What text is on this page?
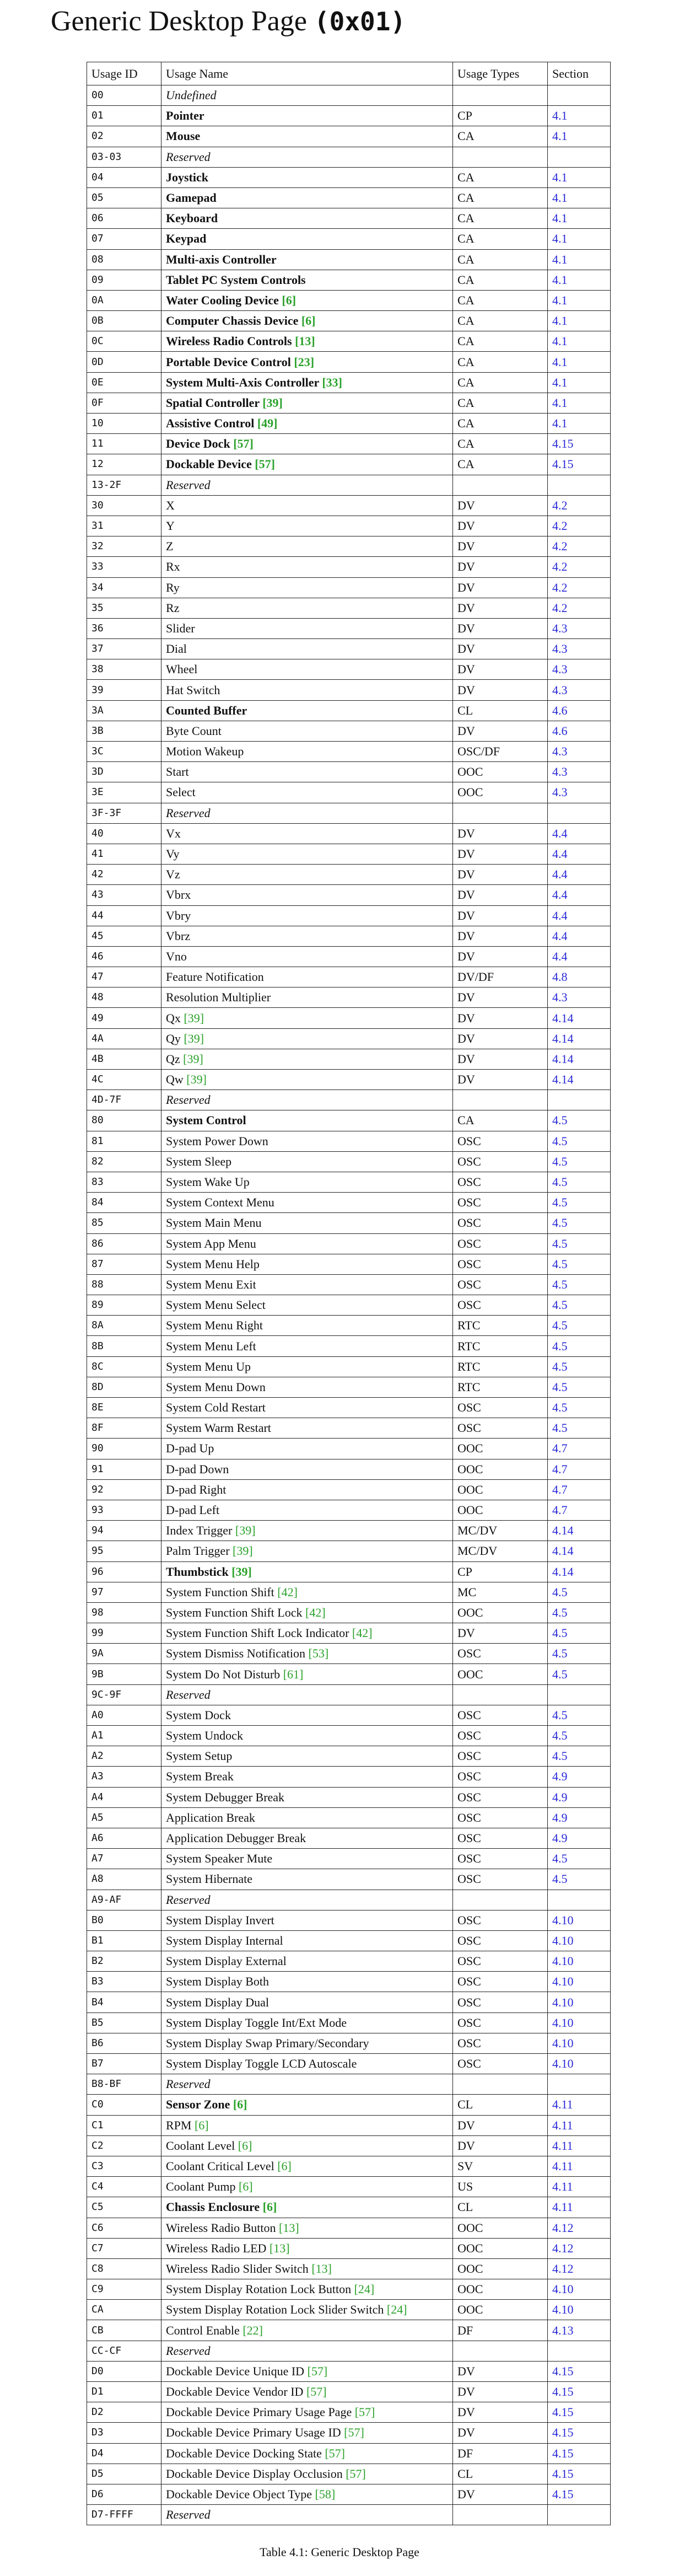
Generic Desktop Page (0x01)
Usage ID	Usage Name	Usage Types	Section
00	Undefined		
01	Pointer	CP	4.1
02	Mouse	CA	4.1
03-03	Reserved		
04	Joystick	CA	4.1
05	Gamepad	CA	4.1
06	Keyboard	CA	4.1
07	Keypad	CA	4.1
08	Multi-axis Controller	CA	4.1
09	Tablet PC System Controls	CA	4.1
0A	Water Cooling Device [6]	CA	4.1
0B	Computer Chassis Device [6]	CA	4.1
0C	Wireless Radio Controls [13]	CA	4.1
0D	Portable Device Control [23]	CA	4.1
0E	System Multi-Axis Controller [33]	CA	4.1
0F	Spatial Controller [39]	CA	4.1
10	Assistive Control [49]	CA	4.1
11	Device Dock [57]	CA	4.15
12	Dockable Device [57]	CA	4.15
13-2F	Reserved		
30	X	DV	4.2
31	Y	DV	4.2
32	Z	DV	4.2
33	Rx	DV	4.2
34	Ry	DV	4.2
35	Rz	DV	4.2
36	Slider	DV	4.3
37	Dial	DV	4.3
38	Wheel	DV	4.3
39	Hat Switch	DV	4.3
3A	Counted Buffer	CL	4.6
3B	Byte Count	DV	4.6
3C	Motion Wakeup	OSC/DF	4.3
3D	Start	OOC	4.3
3E	Select	OOC	4.3
3F-3F	Reserved		
40	Vx	DV	4.4
41	Vy	DV	4.4
42	Vz	DV	4.4
43	Vbrx	DV	4.4
44	Vbry	DV	4.4
45	Vbrz	DV	4.4
46	Vno	DV	4.4
47	Feature Notification	DV/DF	4.8
48	Resolution Multiplier	DV	4.3
49	Qx [39]	DV	4.14
4A	Qy [39]	DV	4.14
4B	Qz [39]	DV	4.14
4C	Qw [39]	DV	4.14
4D-7F	Reserved		
80	System Control	CA	4.5
81	System Power Down	OSC	4.5
82	System Sleep	OSC	4.5
83	System Wake Up	OSC	4.5
84	System Context Menu	OSC	4.5
85	System Main Menu	OSC	4.5
86	System App Menu	OSC	4.5
87	System Menu Help	OSC	4.5
88	System Menu Exit	OSC	4.5
89	System Menu Select	OSC	4.5
8A	System Menu Right	RTC	4.5
8B	System Menu Left	RTC	4.5
8C	System Menu Up	RTC	4.5
8D	System Menu Down	RTC	4.5
8E	System Cold Restart	OSC	4.5
8F	System Warm Restart	OSC	4.5
90	D-pad Up	OOC	4.7
91	D-pad Down	OOC	4.7
92	D-pad Right	OOC	4.7
93	D-pad Left	OOC	4.7
94	Index Trigger [39]	MC/DV	4.14
95	Palm Trigger [39]	MC/DV	4.14
96	Thumbstick [39]	CP	4.14
97	System Function Shift [42]	MC	4.5
98	System Function Shift Lock [42]	OOC	4.5
99	System Function Shift Lock Indicator [42]	DV	4.5
9A	System Dismiss Notification [53]	OSC	4.5
9B	System Do Not Disturb [61]	OOC	4.5
9C-9F	Reserved		
A0	System Dock	OSC	4.5
A1	System Undock	OSC	4.5
A2	System Setup	OSC	4.5
A3	System Break	OSC	4.9
A4	System Debugger Break	OSC	4.9
A5	Application Break	OSC	4.9
A6	Application Debugger Break	OSC	4.9
A7	System Speaker Mute	OSC	4.5
A8	System Hibernate	OSC	4.5
A9-AF	Reserved		
B0	System Display Invert	OSC	4.10
B1	System Display Internal	OSC	4.10
B2	System Display External	OSC	4.10
B3	System Display Both	OSC	4.10
B4	System Display Dual	OSC	4.10
B5	System Display Toggle Int/Ext Mode	OSC	4.10
B6	System Display Swap Primary/Secondary	OSC	4.10
B7	System Display Toggle LCD Autoscale	OSC	4.10
B8-BF	Reserved		
C0	Sensor Zone [6]	CL	4.11
C1	RPM [6]	DV	4.11
C2	Coolant Level [6]	DV	4.11
C3	Coolant Critical Level [6]	SV	4.11
C4	Coolant Pump [6]	US	4.11
C5	Chassis Enclosure [6]	CL	4.11
C6	Wireless Radio Button [13]	OOC	4.12
C7	Wireless Radio LED [13]	OOC	4.12
C8	Wireless Radio Slider Switch [13]	OOC	4.12
C9	System Display Rotation Lock Button [24]	OOC	4.10
CA	System Display Rotation Lock Slider Switch [24]	OOC	4.10
CB	Control Enable [22]	DF	4.13
CC-CF	Reserved		
D0	Dockable Device Unique ID [57]	DV	4.15
D1	Dockable Device Vendor ID [57]	DV	4.15
D2	Dockable Device Primary Usage Page [57]	DV	4.15
D3	Dockable Device Primary Usage ID [57]	DV	4.15
D4	Dockable Device Docking State [57]	DF	4.15
D5	Dockable Device Display Occlusion [57]	CL	4.15
D6	Dockable Device Object Type [58]	DV	4.15
D7-FFFF	Reserved		
Table 4.1: Generic Desktop Page
